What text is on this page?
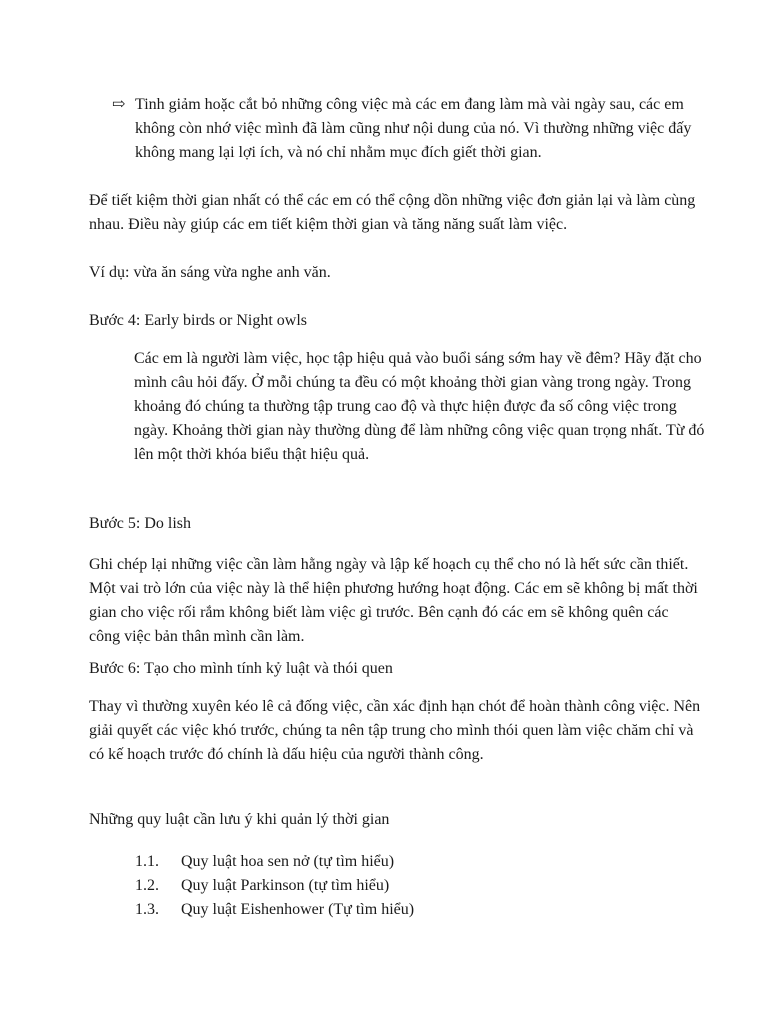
⇨ Tinh giảm hoặc cắt bỏ những công việc mà các em đang làm mà vài ngày sau, các em không còn nhớ việc mình đã làm cũng như nội dung của nó. Vì thường những việc đấy không mang lại lợi ích, và nó chỉ nhằm mục đích giết thời gian.

Để tiết kiệm thời gian nhất có thể các em có thể cộng dồn những việc đơn giản lại và làm cùng nhau. Điều này giúp các em tiết kiệm thời gian và tăng năng suất làm việc.

Ví dụ: vừa ăn sáng vừa nghe anh văn.

Bước 4: Early birds or Night owls

Các em là người làm việc, học tập hiệu quả vào buổi sáng sớm hay về đêm? Hãy đặt cho mình câu hỏi đấy. Ở mỗi chúng ta đều có một khoảng thời gian vàng trong ngày. Trong khoảng đó chúng ta thường tập trung cao độ và thực hiện được đa số công việc trong ngày. Khoảng thời gian này thường dùng để làm những công việc quan trọng nhất. Từ đó lên một thời khóa biểu thật hiệu quả.

Bước 5: Do lish

Ghi chép lại những việc cần làm hằng ngày và lập kế hoạch cụ thể cho nó là hết sức cần thiết. Một vai trò lớn của việc này là thể hiện phương hướng hoạt động. Các em sẽ không bị mất thời gian cho việc rối rắm không biết làm việc gì trước. Bên cạnh đó các em sẽ không quên các công việc bản thân mình cần làm.

Bước 6: Tạo cho mình tính kỷ luật và thói quen

Thay vì thường xuyên kéo lê cả đống việc, cần xác định hạn chót để hoàn thành công việc. Nên giải quyết các việc khó trước, chúng ta nên tập trung cho mình thói quen làm việc chăm chỉ và có kế hoạch trước đó chính là dấu hiệu của người thành công.

Những quy luật cần lưu ý khi quản lý thời gian

1.1.	Quy luật hoa sen nở (tự tìm hiểu)
1.2.	Quy luật Parkinson (tự tìm hiểu)
1.3.	Quy luật Eishenhower (Tự tìm hiểu)
